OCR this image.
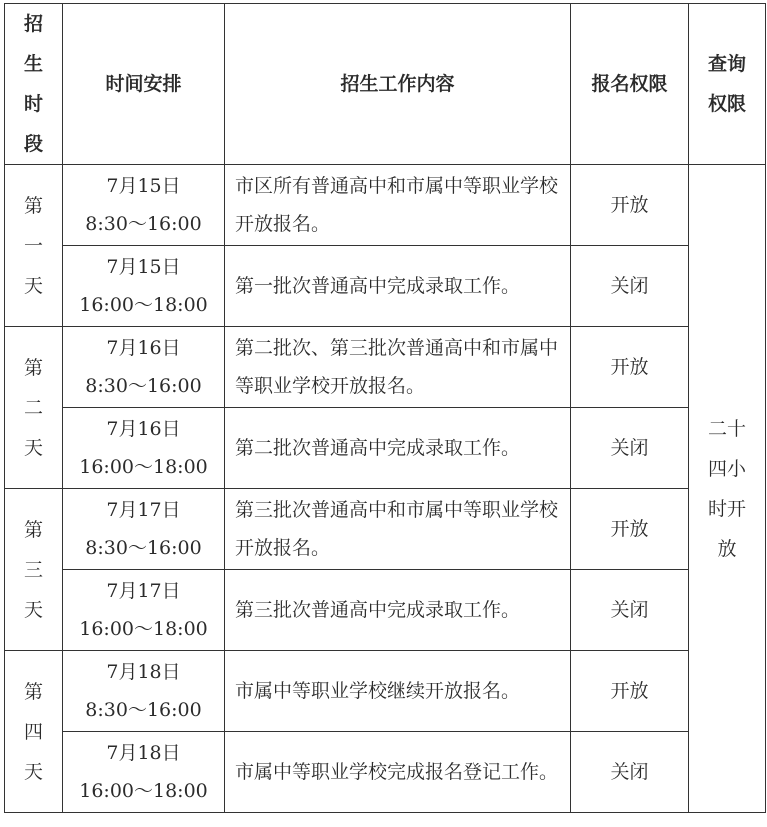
招
生
时
段	时间安排	招生工作内容	报名权限	查询
权限

第
一
天	7月15日
8:30～16:00	市区所有普通高中和市属中等职业学校开放报名。	开放	二十
四小
时开
放

	7月15日
16:00～18:00	第一批次普通高中完成录取工作。	关闭	

第
二
天	7月16日
8:30～16:00	第二批次、第三批次普通高中和市属中等职业学校开放报名。	开放	

	7月16日
16:00～18:00	第二批次普通高中完成录取工作。	关闭	

第
三
天	7月17日
8:30～16:00	第三批次普通高中和市属中等职业学校开放报名。	开放	

	7月17日
16:00～18:00	第三批次普通高中完成录取工作。	关闭	

第
四
天	7月18日
8:30～16:00	市属中等职业学校继续开放报名。	开放	

	7月18日
16:00～18:00	市属中等职业学校完成报名登记工作。	关闭	
